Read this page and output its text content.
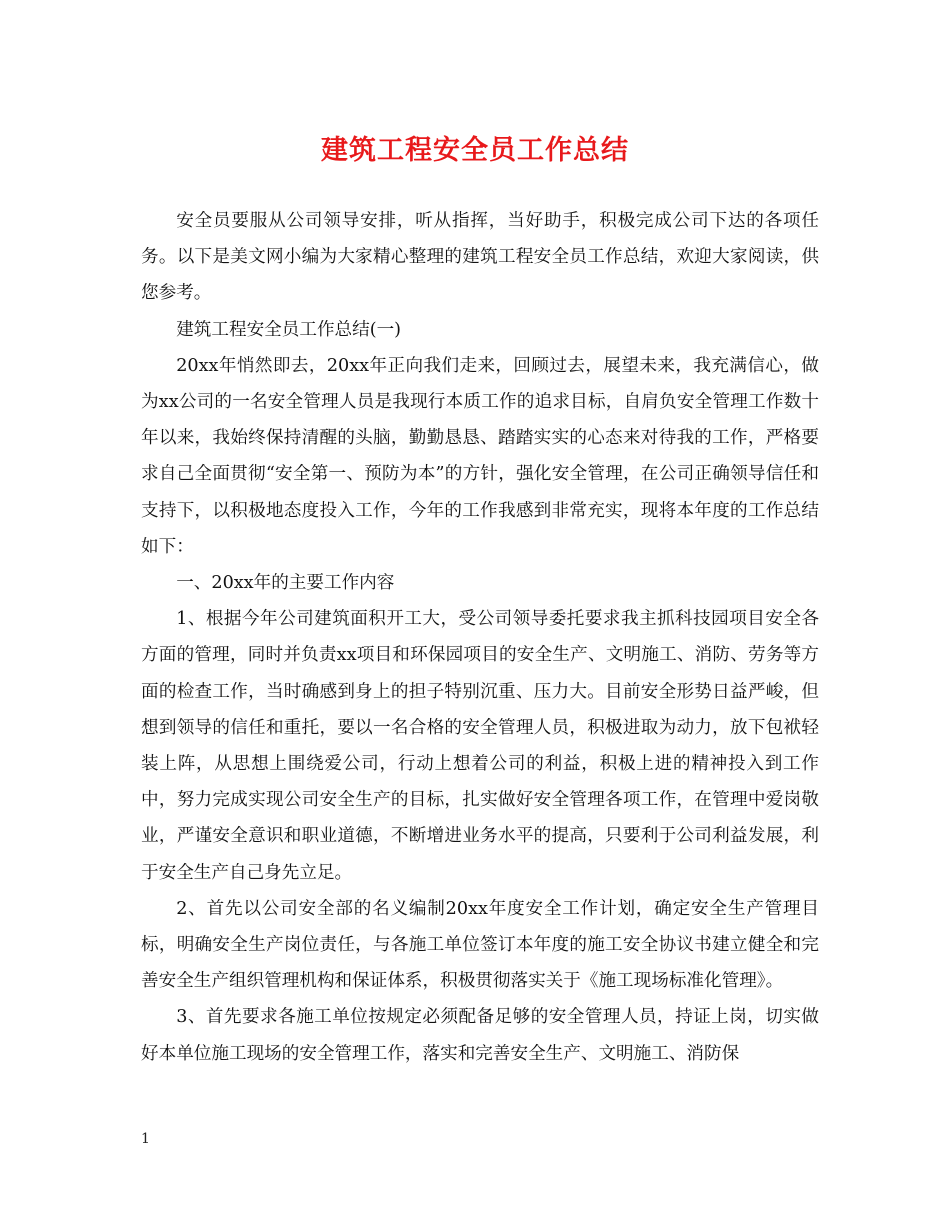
建筑工程安全员工作总结

安全员要服从公司领导安排，听从指挥，当好助手，积极完成公司下达的各项任务。以下是美文网小编为大家精心整理的建筑工程安全员工作总结，欢迎大家阅读，供您参考。

建筑工程安全员工作总结(一)

20xx年悄然即去，20xx年正向我们走来，回顾过去，展望未来，我充满信心，做为xx公司的一名安全管理人员是我现行本质工作的追求目标，自肩负安全管理工作数十年以来，我始终保持清醒的头脑，勤勤恳恳、踏踏实实的心态来对待我的工作，严格要求自己全面贯彻“安全第一、预防为本”的方针，强化安全管理，在公司正确领导信任和支持下，以积极地态度投入工作，今年的工作我感到非常充实，现将本年度的工作总结如下：

一、20xx年的主要工作内容

1、根据今年公司建筑面积开工大，受公司领导委托要求我主抓科技园项目安全各方面的管理，同时并负责xx项目和环保园项目的安全生产、文明施工、消防、劳务等方面的检查工作，当时确感到身上的担子特别沉重、压力大。目前安全形势日益严峻，但想到领导的信任和重托，要以一名合格的安全管理人员，积极进取为动力，放下包袱轻装上阵，从思想上围绕爱公司，行动上想着公司的利益，积极上进的精神投入到工作中，努力完成实现公司安全生产的目标，扎实做好安全管理各项工作，在管理中爱岗敬业，严谨安全意识和职业道德，不断增进业务水平的提高，只要利于公司利益发展，利于安全生产自己身先立足。

2、首先以公司安全部的名义编制20xx年度安全工作计划，确定安全生产管理目标，明确安全生产岗位责任，与各施工单位签订本年度的施工安全协议书建立健全和完善安全生产组织管理机构和保证体系，积极贯彻落实关于《施工现场标准化管理》。

3、首先要求各施工单位按规定必须配备足够的安全管理人员，持证上岗，切实做好本单位施工现场的安全管理工作，落实和完善安全生产、文明施工、消防保

1
